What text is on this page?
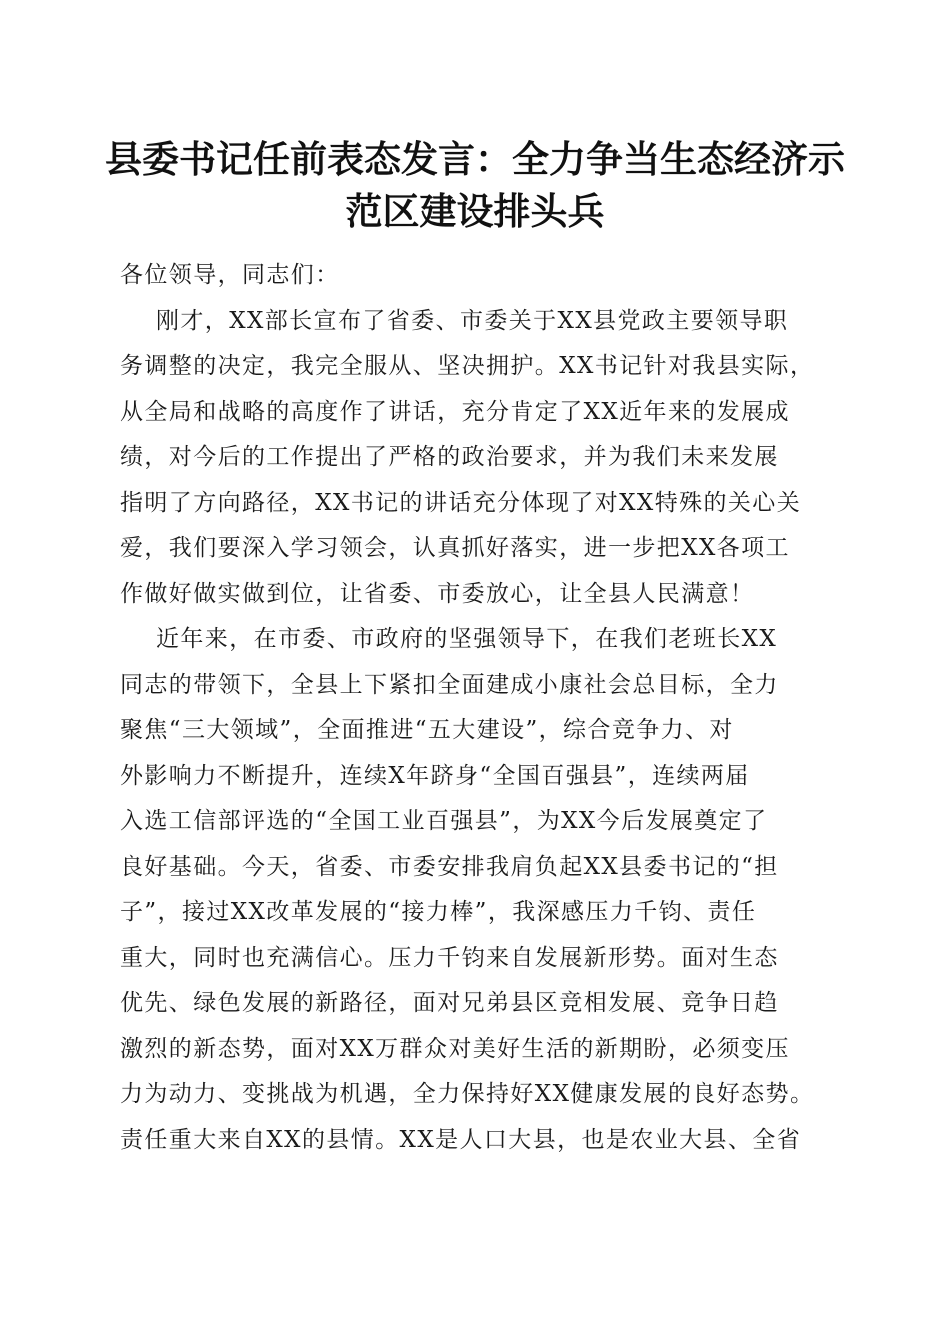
县委书记任前表态发言：全力争当生态经济示
范区建设排头兵
各位领导，同志们：
刚才，XX部长宣布了省委、市委关于XX县党政主要领导职
务调整的决定，我完全服从、坚决拥护。XX书记针对我县实际，
从全局和战略的高度作了讲话，充分肯定了XX近年来的发展成
绩，对今后的工作提出了严格的政治要求，并为我们未来发展
指明了方向路径，XX书记的讲话充分体现了对XX特殊的关心关
爱，我们要深入学习领会，认真抓好落实，进一步把XX各项工
作做好做实做到位，让省委、市委放心，让全县人民满意！
近年来，在市委、市政府的坚强领导下，在我们老班长XX
同志的带领下，全县上下紧扣全面建成小康社会总目标，全力
聚焦“三大领域”，全面推进“五大建设”，综合竞争力、对
外影响力不断提升，连续X年跻身“全国百强县”，连续两届
入选工信部评选的“全国工业百强县”，为XX今后发展奠定了
良好基础。今天，省委、市委安排我肩负起XX县委书记的“担
子”，接过XX改革发展的“接力棒”，我深感压力千钧、责任
重大，同时也充满信心。压力千钧来自发展新形势。面对生态
优先、绿色发展的新路径，面对兄弟县区竞相发展、竞争日趋
激烈的新态势，面对XX万群众对美好生活的新期盼，必须变压
力为动力、变挑战为机遇，全力保持好XX健康发展的良好态势。
责任重大来自XX的县情。XX是人口大县，也是农业大县、全省
